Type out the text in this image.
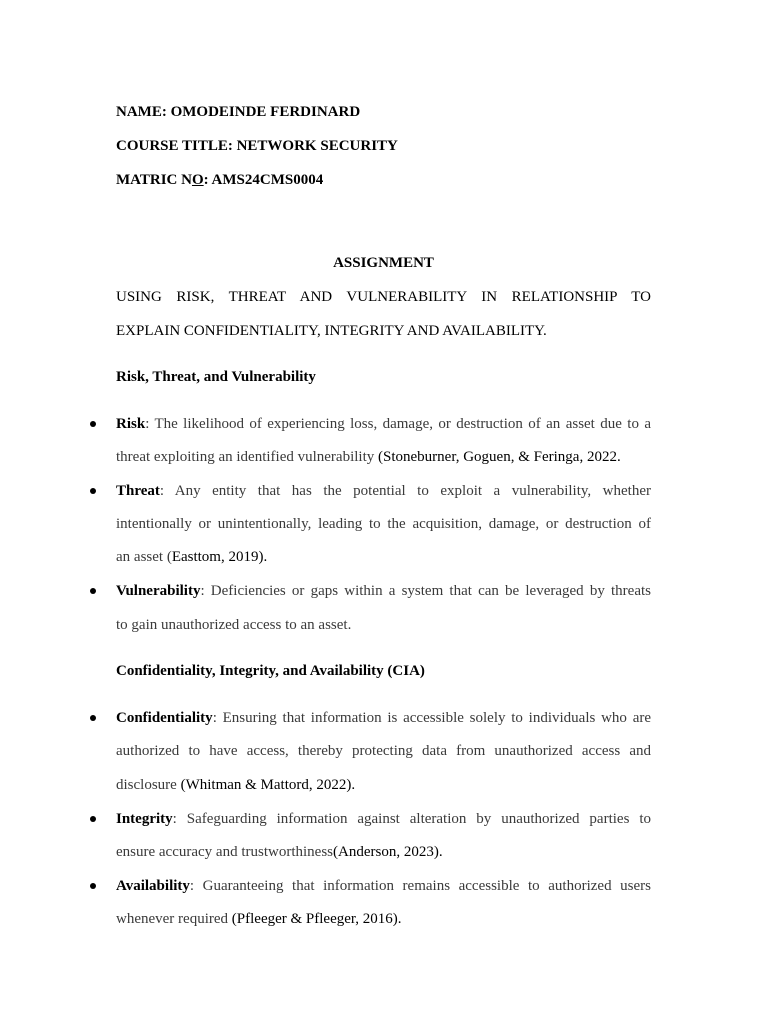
NAME: OMODEINDE FERDINARD
COURSE TITLE: NETWORK SECURITY
MATRIC NO: AMS24CMS0004
ASSIGNMENT
USING RISK, THREAT AND VULNERABILITY IN RELATIONSHIP TO
EXPLAIN CONFIDENTIALITY, INTEGRITY AND AVAILABILITY.
Risk, Threat, and Vulnerability
Risk: The likelihood of experiencing loss, damage, or destruction of an asset due to a
threat exploiting an identified vulnerability (Stoneburner, Goguen, & Feringa, 2022.
Threat: Any entity that has the potential to exploit a vulnerability, whether
intentionally or unintentionally, leading to the acquisition, damage, or destruction of
an asset (Easttom, 2019).
Vulnerability: Deficiencies or gaps within a system that can be leveraged by threats
to gain unauthorized access to an asset.
Confidentiality, Integrity, and Availability (CIA)
Confidentiality: Ensuring that information is accessible solely to individuals who are
authorized to have access, thereby protecting data from unauthorized access and
disclosure (Whitman & Mattord, 2022).
Integrity: Safeguarding information against alteration by unauthorized parties to
ensure accuracy and trustworthiness(Anderson, 2023).
Availability: Guaranteeing that information remains accessible to authorized users
whenever required (Pfleeger & Pfleeger, 2016).
